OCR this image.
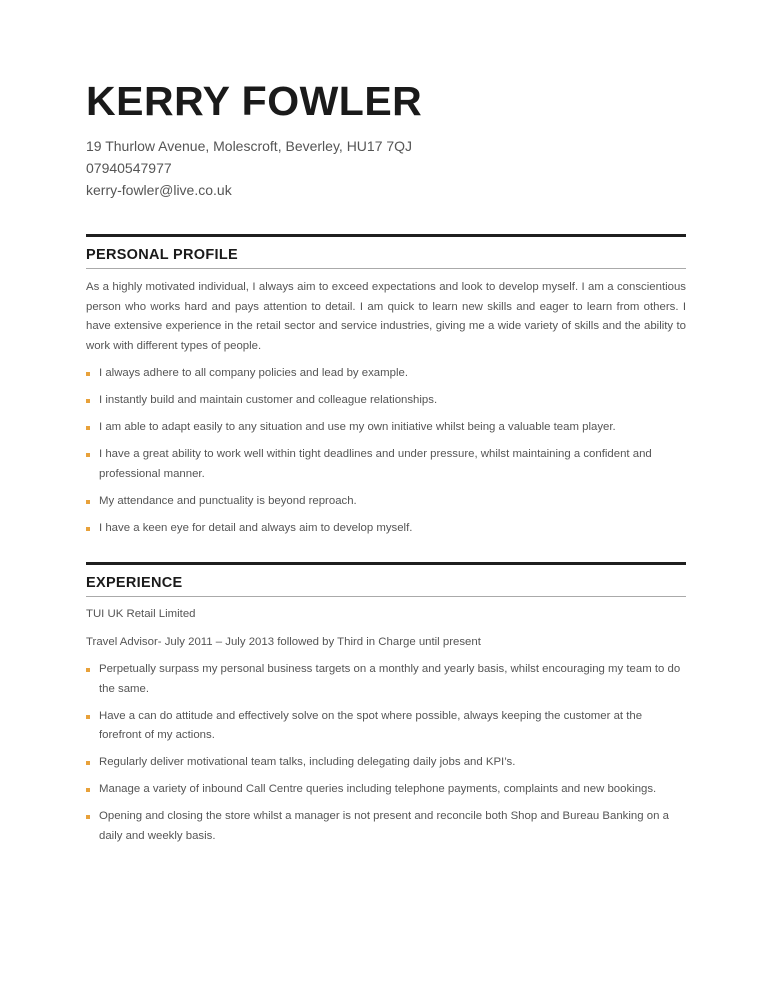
KERRY FOWLER
19 Thurlow Avenue, Molescroft, Beverley, HU17 7QJ
07940547977
kerry-fowler@live.co.uk
PERSONAL PROFILE

As a highly motivated individual, I always aim to exceed expectations and look to develop myself. I am a conscientious person who works hard and pays attention to detail. I am quick to learn new skills and eager to learn from others. I have extensive experience in the retail sector and service industries, giving me a wide variety of skills and the ability to work with different types of people.

I always adhere to all company policies and lead by example.
I instantly build and maintain customer and colleague relationships.
I am able to adapt easily to any situation and use my own initiative whilst being a valuable team player.
I have a great ability to work well within tight deadlines and under pressure, whilst maintaining a confident and professional manner.
My attendance and punctuality is beyond reproach.
I have a keen eye for detail and always aim to develop myself.
EXPERIENCE
TUI UK Retail Limited
Travel Advisor- July 2011 – July 2013 followed by Third in Charge until present
Perpetually surpass my personal business targets on a monthly and yearly basis, whilst encouraging my team to do the same.
Have a can do attitude and effectively solve on the spot where possible, always keeping the customer at the forefront of my actions.
Regularly deliver motivational team talks, including delegating daily jobs and KPI’s.
Manage a variety of inbound Call Centre queries including telephone payments, complaints and new bookings.
Opening and closing the store whilst a manager is not present and reconcile both Shop and Bureau Banking on a daily and weekly basis.
